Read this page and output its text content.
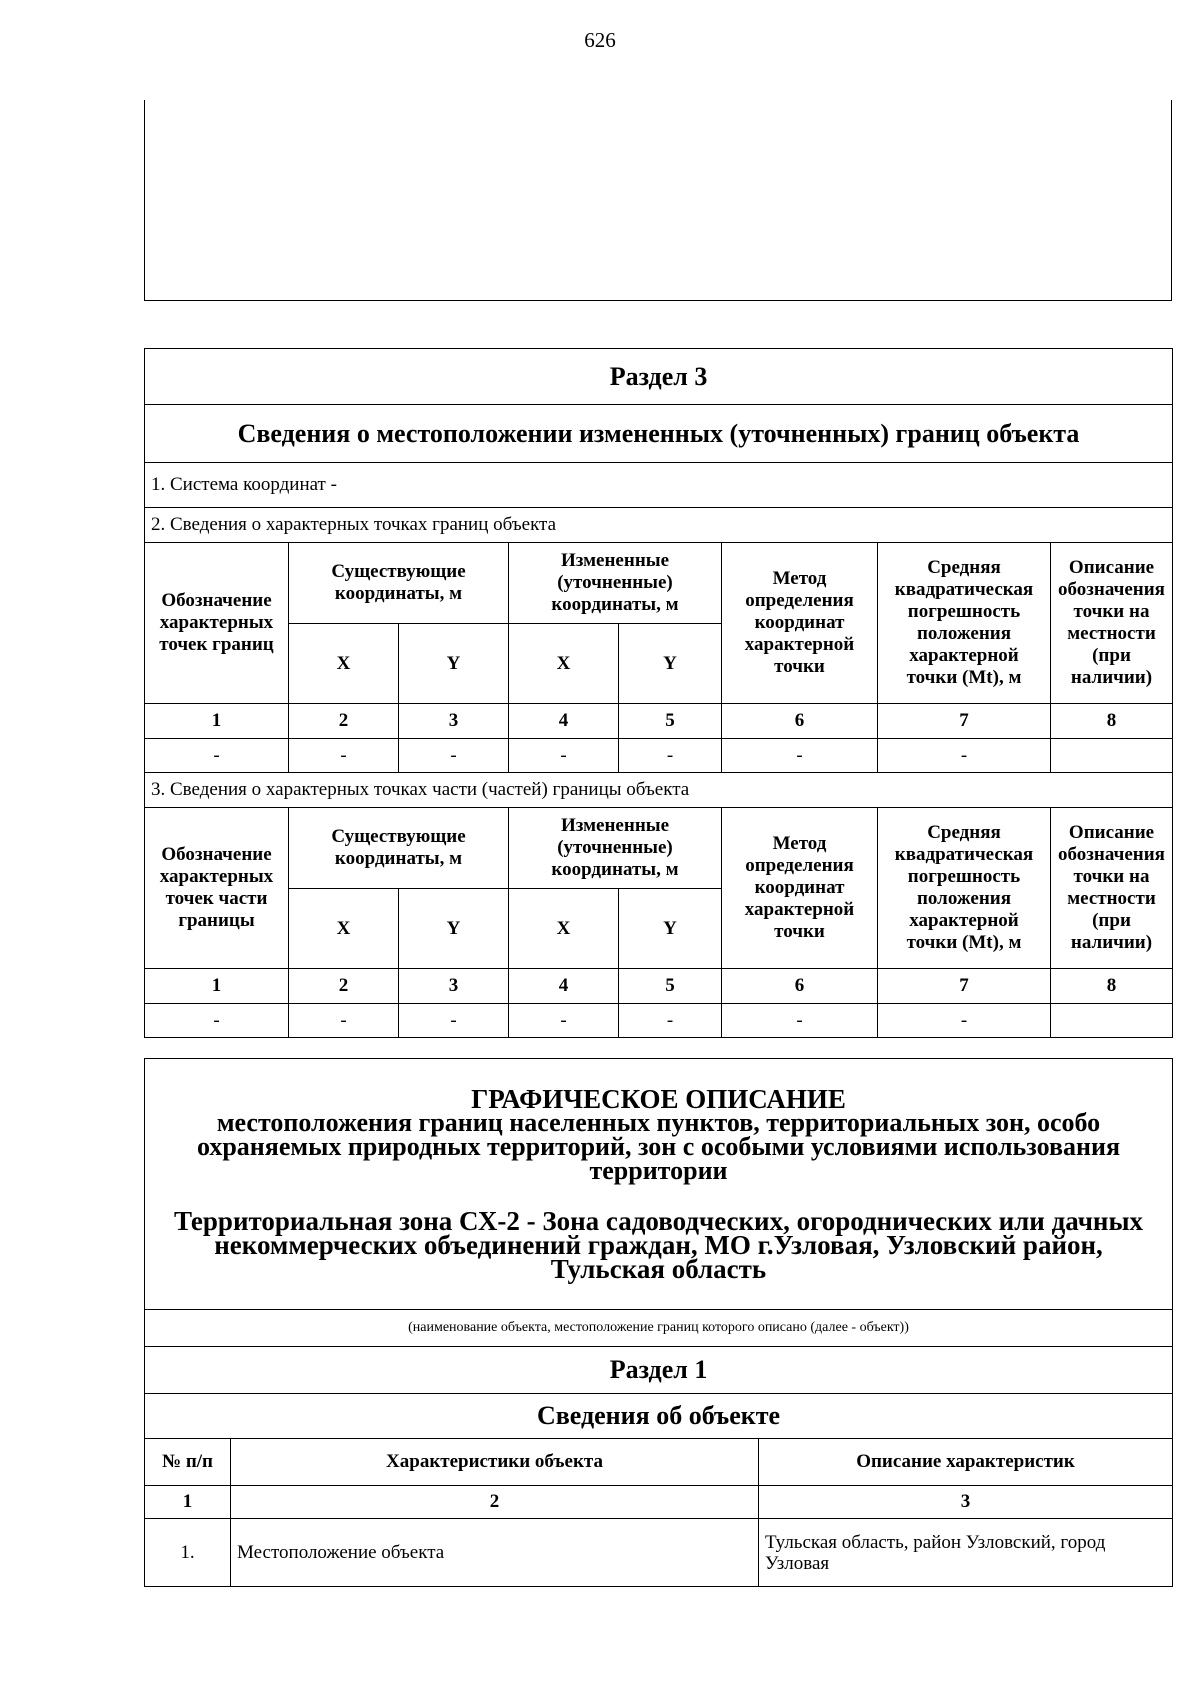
626
Раздел 3							
Сведения о местоположении измененных (уточненных) границ объекта							
1. Система координат -							
2. Сведения о характерных точках границ объекта							
Обозначение характерных точек границ	Существующие координаты, м		Измененные (уточненные) координаты, м		Метод определения координат характерной точки	Средняя квадратическая погрешность положения характерной точки (Mt), м	Описание обозначения точки на местности (при наличии)
	X	Y	X	Y			
1	2	3	4	5	6	7	8
-	-	-	-	-	-	-	
3. Сведения о характерных точках части (частей) границы объекта							
Обозначение характерных точек части границы	Существующие координаты, м		Измененные (уточненные) координаты, м		Метод определения координат характерной точки	Средняя квадратическая погрешность положения характерной точки (Mt), м	Описание обозначения точки на местности (при наличии)
	X	Y	X	Y			
1	2	3	4	5	6	7	8
-	-	-	-	-	-	-	
ГРАФИЧЕСКОЕ ОПИСАНИЕ
местоположения границ населенных пунктов, территориальных зон, особо охраняемых природных территорий, зон с особыми условиями использования территории
Территориальная зона СХ-2 - Зона садоводческих, огороднических или дачных некоммерческих объединений граждан, МО г.Узловая, Узловский район, Тульская область		

(наименование объекта, местоположение границ которого описано (далее - объект))		
Раздел 1		
Сведения об объекте		
№ п/п	Характеристики объекта	Описание характеристик
1	2	3
1.	Местоположение объекта	Тульская область, район Узловский, город Узловая
